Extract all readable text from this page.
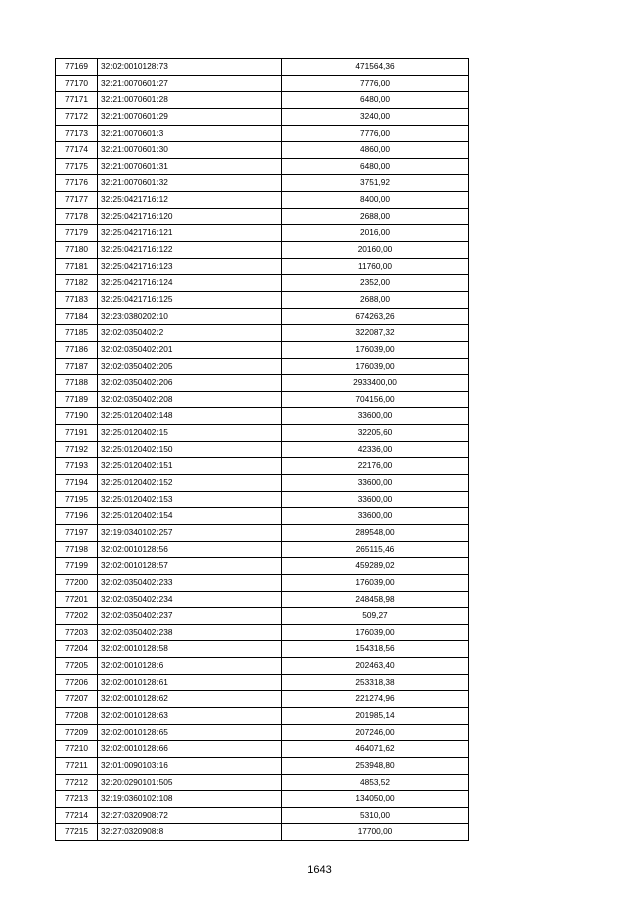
77169	32:02:0010128:73	471564,36
77170	32:21:0070601:27	7776,00
77171	32:21:0070601:28	6480,00
77172	32:21:0070601:29	3240,00
77173	32:21:0070601:3	7776,00
77174	32:21:0070601:30	4860,00
77175	32:21:0070601:31	6480,00
77176	32:21:0070601:32	3751,92
77177	32:25:0421716:12	8400,00
77178	32:25:0421716:120	2688,00
77179	32:25:0421716:121	2016,00
77180	32:25:0421716:122	20160,00
77181	32:25:0421716:123	11760,00
77182	32:25:0421716:124	2352,00
77183	32:25:0421716:125	2688,00
77184	32:23:0380202:10	674263,26
77185	32:02:0350402:2	322087,32
77186	32:02:0350402:201	176039,00
77187	32:02:0350402:205	176039,00
77188	32:02:0350402:206	2933400,00
77189	32:02:0350402:208	704156,00
77190	32:25:0120402:148	33600,00
77191	32:25:0120402:15	32205,60
77192	32:25:0120402:150	42336,00
77193	32:25:0120402:151	22176,00
77194	32:25:0120402:152	33600,00
77195	32:25:0120402:153	33600,00
77196	32:25:0120402:154	33600,00
77197	32:19:0340102:257	289548,00
77198	32:02:0010128:56	265115,46
77199	32:02:0010128:57	459289,02
77200	32:02:0350402:233	176039,00
77201	32:02:0350402:234	248458,98
77202	32:02:0350402:237	509,27
77203	32:02:0350402:238	176039,00
77204	32:02:0010128:58	154318,56
77205	32:02:0010128:6	202463,40
77206	32:02:0010128:61	253318,38
77207	32:02:0010128:62	221274,96
77208	32:02:0010128:63	201985,14
77209	32:02:0010128:65	207246,00
77210	32:02:0010128:66	464071,62
77211	32:01:0090103:16	253948,80
77212	32:20:0290101:505	4853,52
77213	32:19:0360102:108	134050,00
77214	32:27:0320908:72	5310,00
77215	32:27:0320908:8	17700,00
1643
